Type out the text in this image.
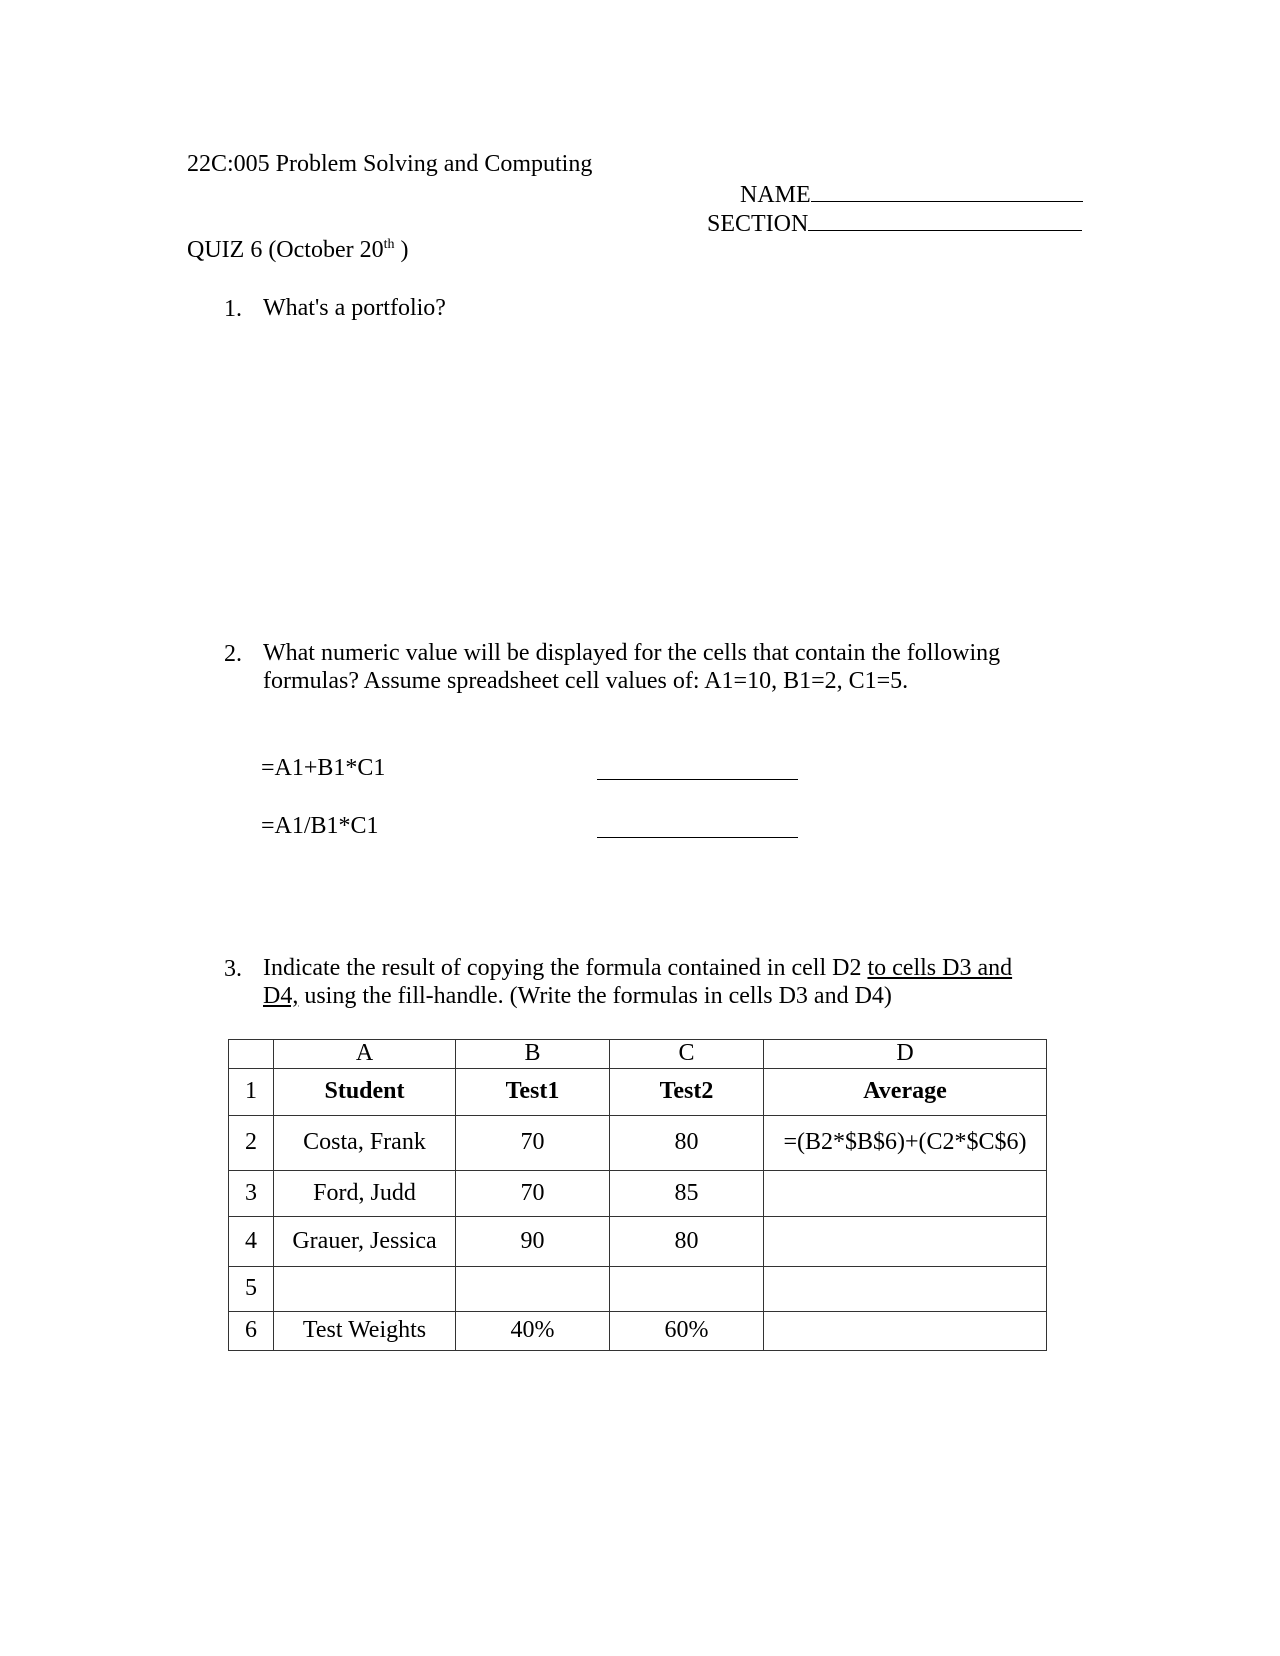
22C:005 Problem Solving and Computing
NAME
SECTION
QUIZ 6 (October 20th )
1. What's a portfolio?
2. What numeric value will be displayed for the cells that contain the following
formulas? Assume spreadsheet cell values of: A1=10, B1=2, C1=5.
=A1+B1*C1
=A1/B1*C1
3. Indicate the result of copying the formula contained in cell D2 to cells D3 and
D4, using the fill-handle. (Write the formulas in cells D3 and D4)
	A	B	C	D
1	Student	Test1	Test2	Average
2	Costa, Frank	70	80	=(B2*$B$6)+(C2*$C$6)
3	Ford, Judd	70	85	
4	Grauer, Jessica	90	80	
5				
6	Test Weights	40%	60%	
